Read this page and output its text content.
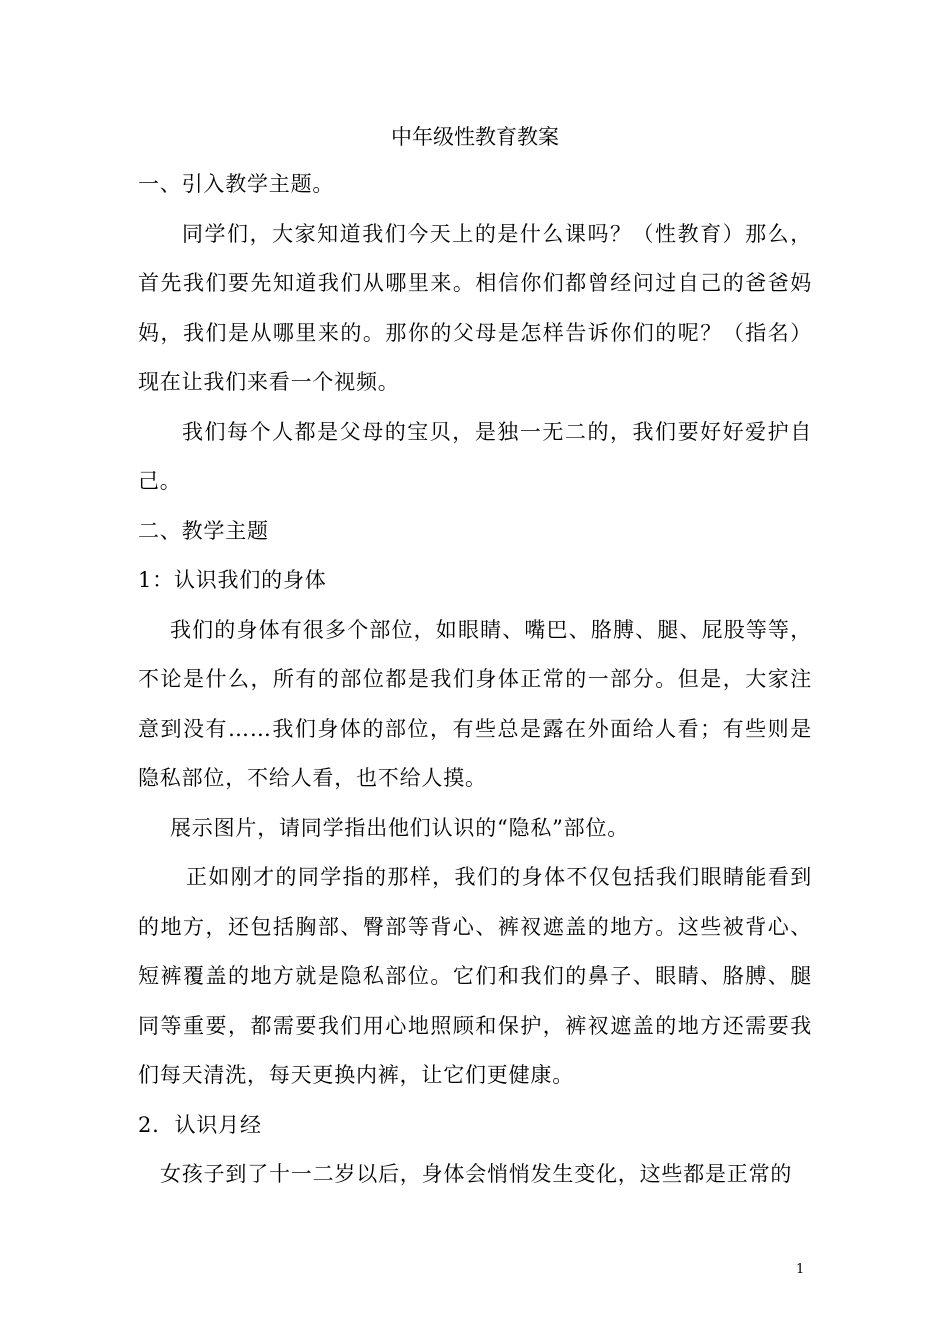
中年级性教育教案

一、引入教学主题。

同学们，大家知道我们今天上的是什么课吗？（性教育）那么，首先我们要先知道我们从哪里来。相信你们都曾经问过自己的爸爸妈妈，我们是从哪里来的。那你的父母是怎样告诉你们的呢？（指名）现在让我们来看一个视频。

我们每个人都是父母的宝贝，是独一无二的，我们要好好爱护自己。

二、教学主题

1：认识我们的身体

我们的身体有很多个部位，如眼睛、嘴巴、胳膊、腿、屁股等等，不论是什么，所有的部位都是我们身体正常的一部分。但是，大家注意到没有……我们身体的部位，有些总是露在外面给人看；有些则是隐私部位，不给人看，也不给人摸。

展示图片，请同学指出他们认识的“隐私”部位。

正如刚才的同学指的那样，我们的身体不仅包括我们眼睛能看到的地方，还包括胸部、臀部等背心、裤衩遮盖的地方。这些被背心、短裤覆盖的地方就是隐私部位。它们和我们的鼻子、眼睛、胳膊、腿同等重要，都需要我们用心地照顾和保护，裤衩遮盖的地方还需要我们每天清洗，每天更换内裤，让它们更健康。

2.  认识月经

女孩子到了十一二岁以后，身体会悄悄发生变化，这些都是正常的

1
